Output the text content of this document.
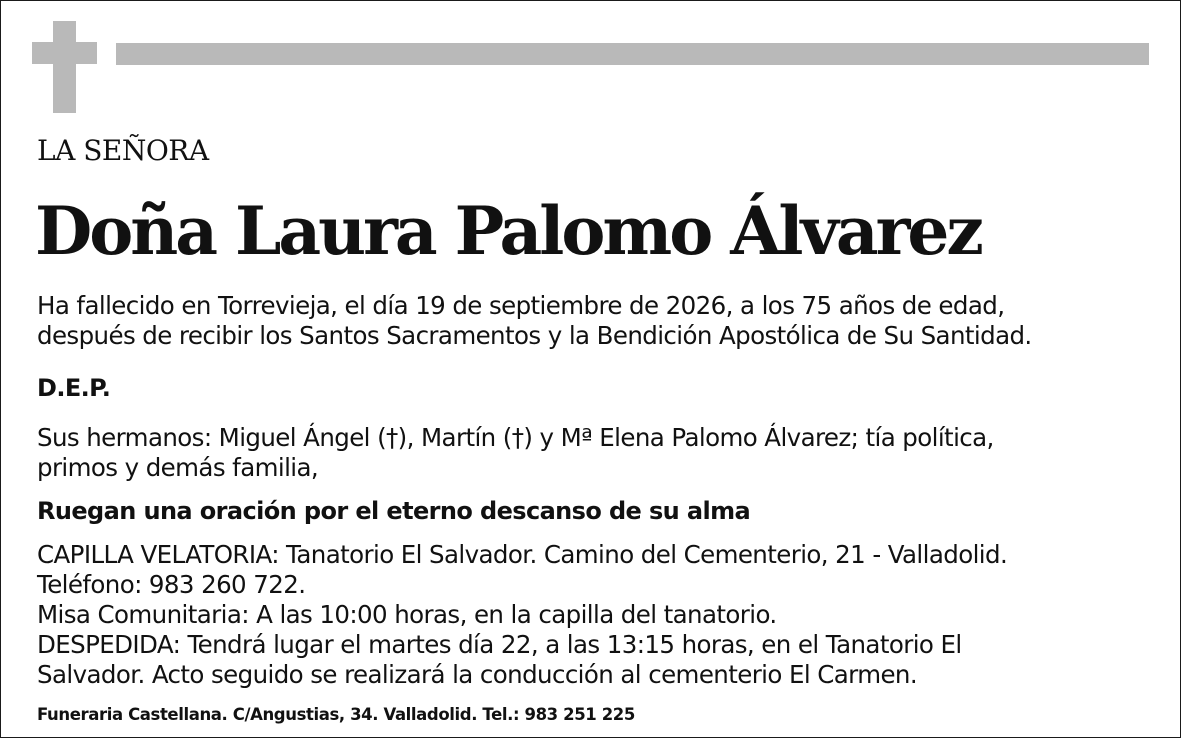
LA SEÑORA
Doña Laura Palomo Álvarez

Ha fallecido en Torrevieja, el día 19 de septiembre de 2026, a los 75 años de edad,
después de recibir los Santos Sacramentos y la Bendición Apostólica de Su Santidad.

D.E.P.

Sus hermanos: Miguel Ángel (†), Martín (†) y Mª Elena Palomo Álvarez; tía política,
primos y demás familia,

Ruegan una oración por el eterno descanso de su alma

CAPILLA VELATORIA: Tanatorio El Salvador. Camino del Cementerio, 21 - Valladolid.
Teléfono: 983 260 722.
Misa Comunitaria: A las 10:00 horas, en la capilla del tanatorio.
DESPEDIDA: Tendrá lugar el martes día 22, a las 13:15 horas, en el Tanatorio El
Salvador. Acto seguido se realizará la conducción al cementerio El Carmen.

Funeraria Castellana. C/Angustias, 34. Valladolid. Tel.: 983 251 225
